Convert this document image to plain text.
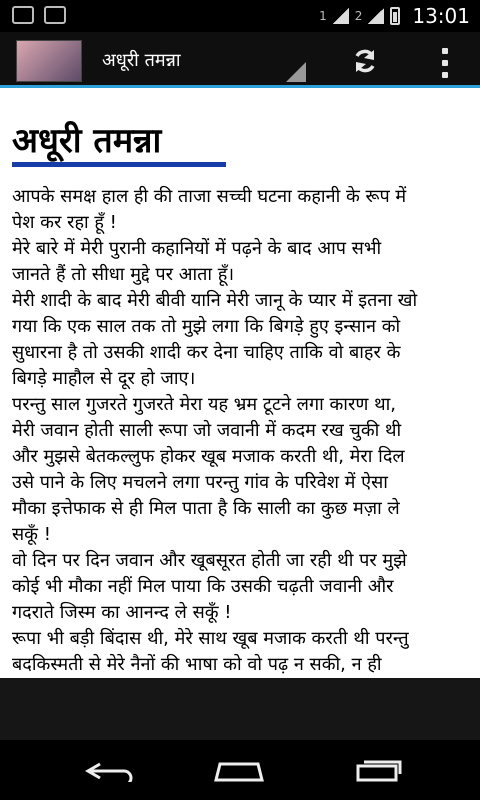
1 2	13:01
अधूरी तमन्ना
अधूरी तमन्ना

आपके समक्ष हाल ही की ताजा सच्ची घटना कहानी के रूप में
पेश कर रहा हूँ !

मेरे बारे में मेरी पुरानी कहानियों में पढ़ने के बाद आप सभी
जानते हैं तो सीधा मुद्दे पर आता हूँ।

मेरी शादी के बाद मेरी बीवी यानि मेरी जानू के प्यार में इतना खो
गया कि एक साल तक तो मुझे लगा कि बिगड़े हुए इन्सान को
सुधारना है तो उसकी शादी कर देना चाहिए ताकि वो बाहर के
बिगड़े माहौल से दूर हो जाए।

परन्तु साल गुजरते गुजरते मेरा यह भ्रम टूटने लगा कारण था,
मेरी जवान होती साली रूपा जो जवानी में कदम रख चुकी थी
और मुझसे बेतकल्लुफ होकर खूब मजाक करती थी, मेरा दिल
उसे पाने के लिए मचलने लगा परन्तु गांव के परिवेश में ऐसा
मौका इत्तेफाक से ही मिल पाता है कि साली का कुछ मज़ा ले
सकूँ !

वो दिन पर दिन जवान और खूबसूरत होती जा रही थी पर मुझे
कोई भी मौका नहीं मिल पाया कि उसकी चढ़ती जवानी और
गदराते जिस्म का आनन्द ले सकूँ !

रूपा भी बड़ी बिंदास थी, मेरे साथ खूब मजाक करती थी परन्तु
बदकिस्मती से मेरे नैनों की भाषा को वो पढ़ न सकी, न ही
